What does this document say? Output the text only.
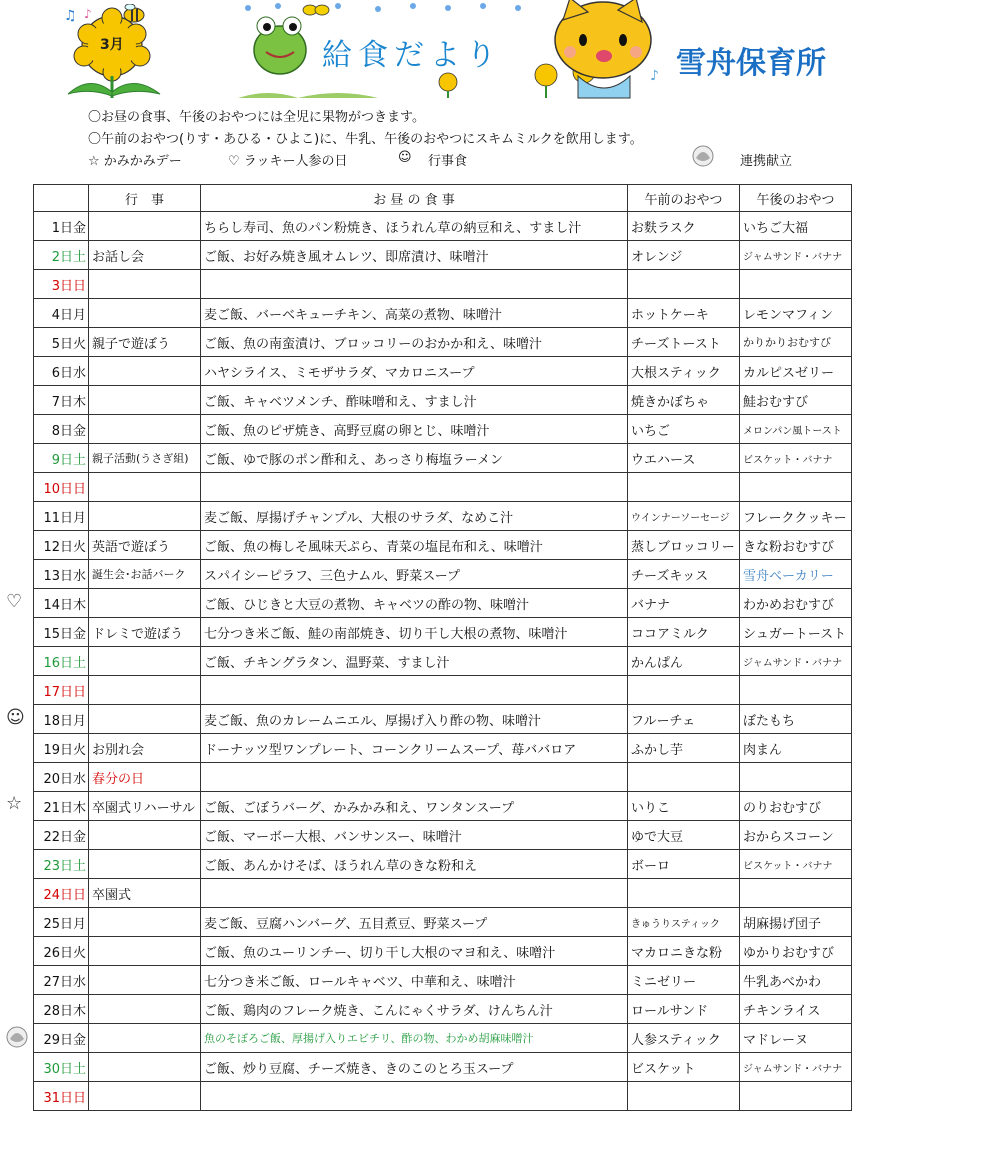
♫ ♪
3月
♪
給食だより	雪舟保育所
〇お昼の食事、午後のおやつには全児に果物がつきます。
〇午前のおやつ(りす・あひる・ひよこ)に、牛乳、午後のおやつにスキムミルクを飲用します。
☆ かみかみデー	♡ ラッキー人参の日	☺ 行事食	連携献立
	行　事	お 昼 の 食 事	午前のおやつ	午後のおやつ
1日金		ちらし寿司、魚のパン粉焼き、ほうれん草の納豆和え、すまし汁	お麩ラスク	いちご大福
2日土	お話し会	ご飯、お好み焼き風オムレツ、即席漬け、味噌汁	オレンジ	ジャムサンド・バナナ
3日日				
4日月		麦ご飯、バーベキューチキン、高菜の煮物、味噌汁	ホットケーキ	レモンマフィン
5日火	親子で遊ぼう	ご飯、魚の南蛮漬け、ブロッコリーのおかか和え、味噌汁	チーズトースト	かりかりおむすび
6日水		ハヤシライス、ミモザサラダ、マカロニスープ	大根スティック	カルピスゼリー
7日木		ご飯、キャベツメンチ、酢味噌和え、すまし汁	焼きかぼちゃ	鮭おむすび
8日金		ご飯、魚のピザ焼き、高野豆腐の卵とじ、味噌汁	いちご	メロンパン風トースト
9日土	親子活動(うさぎ組)	ご飯、ゆで豚のポン酢和え、あっさり梅塩ラーメン	ウエハース	ビスケット・バナナ
10日日				
11日月		麦ご飯、厚揚げチャンプル、大根のサラダ、なめこ汁	ウインナーソーセージ	フレーククッキー
12日火	英語で遊ぼう	ご飯、魚の梅しそ風味天ぷら、青菜の塩昆布和え、味噌汁	蒸しブロッコリー	きな粉おむすび
13日水	誕生会･お話バーク	スパイシーピラフ、三色ナムル、野菜スープ	チーズキッス	雪舟ベーカリー
14日木		ご飯、ひじきと大豆の煮物、キャベツの酢の物、味噌汁	バナナ	わかめおむすび
15日金	ドレミで遊ぼう	七分つき米ご飯、鮭の南部焼き、切り干し大根の煮物、味噌汁	ココアミルク	シュガートースト
16日土		ご飯、チキングラタン、温野菜、すまし汁	かんぱん	ジャムサンド・バナナ
17日日				
18日月		麦ご飯、魚のカレームニエル、厚揚げ入り酢の物、味噌汁	フルーチェ	ぼたもち
19日火	お別れ会	ドーナッツ型ワンプレート、コーンクリームスープ、苺ババロア	ふかし芋	肉まん
20日水	春分の日			
21日木	卒園式リハーサル	ご飯、ごぼうバーグ、かみかみ和え、ワンタンスープ	いりこ	のりおむすび
22日金		ご飯、マーボー大根、バンサンスー、味噌汁	ゆで大豆	おからスコーン
23日土		ご飯、あんかけそば、ほうれん草のきな粉和え	ボーロ	ビスケット・バナナ
24日日	卒園式			
25日月		麦ご飯、豆腐ハンバーグ、五目煮豆、野菜スープ	きゅうりスティック	胡麻揚げ団子
26日火		ご飯、魚のユーリンチー、切り干し大根のマヨ和え、味噌汁	マカロニきな粉	ゆかりおむすび
27日水		七分つき米ご飯、ロールキャベツ、中華和え、味噌汁	ミニゼリー	牛乳あべかわ
28日木		ご飯、鶏肉のフレーク焼き、こんにゃくサラダ、けんちん汁	ロールサンド	チキンライス
29日金		魚のそぼろご飯、厚揚げ入りエビチリ、酢の物、わかめ胡麻味噌汁	人参スティック	マドレーヌ
30日土		ご飯、炒り豆腐、チーズ焼き、きのこのとろ玉スープ	ビスケット	ジャムサンド・バナナ
31日日				
♡
☺
☆
